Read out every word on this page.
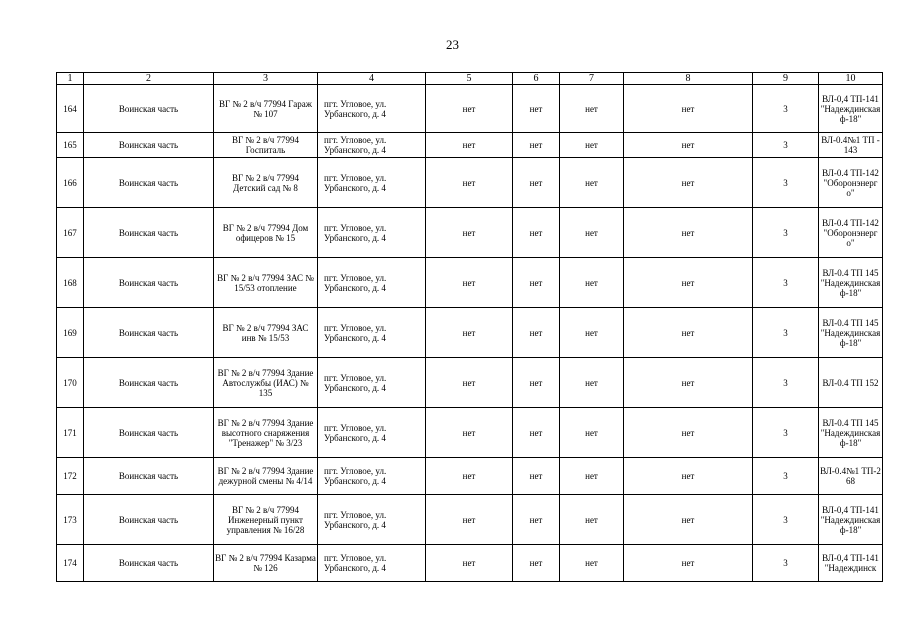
23
1	2	3	4	5	6	7	8	9	10
164	Воинская часть	ВГ № 2 в/ч 77994 Гараж № 107	пгт. Угловое, ул. Урбанского, д. 4	нет	нет	нет	нет	3	ВЛ-0,4 ТП-141 "Надеждинская ф-18"
165	Воинская часть	ВГ № 2 в/ч 77994 Госпиталь	пгт. Угловое, ул. Урбанского, д. 4	нет	нет	нет	нет	3	ВЛ-0.4№1 ТП - 143
166	Воинская часть	ВГ № 2 в/ч 77994 Детский сад № 8	пгт. Угловое, ул. Урбанского, д. 4	нет	нет	нет	нет	3	ВЛ-0.4 ТП-142 "Оборонэнерго"
167	Воинская часть	ВГ № 2 в/ч 77994 Дом офицеров № 15	пгт. Угловое, ул. Урбанского, д. 4	нет	нет	нет	нет	3	ВЛ-0.4 ТП-142 "Оборонэнерго"
168	Воинская часть	ВГ № 2 в/ч 77994 ЗАС № 15/53 отопление	пгт. Угловое, ул. Урбанского, д. 4	нет	нет	нет	нет	3	ВЛ-0.4 ТП 145 "Надеждинская ф-18"
169	Воинская часть	ВГ № 2 в/ч 77994 ЗАС инв № 15/53	пгт. Угловое, ул. Урбанского, д. 4	нет	нет	нет	нет	3	ВЛ-0.4 ТП 145 "Надеждинская ф-18"
170	Воинская часть	ВГ № 2 в/ч 77994 Здание Автослужбы (ИАС) № 135	пгт. Угловое, ул. Урбанского, д. 4	нет	нет	нет	нет	3	ВЛ-0.4 ТП 152
171	Воинская часть	ВГ № 2 в/ч 77994 Здание высотного снаряжения "Тренажер" № 3/23	пгт. Угловое, ул. Урбанского, д. 4	нет	нет	нет	нет	3	ВЛ-0.4 ТП 145 "Надеждинская ф-18"
172	Воинская часть	ВГ № 2 в/ч 77994 Здание дежурной смены № 4/14	пгт. Угловое, ул. Урбанского, д. 4	нет	нет	нет	нет	3	ВЛ-0.4№1 ТП-268
173	Воинская часть	ВГ № 2 в/ч 77994 Инженерный пункт управления № 16/28	пгт. Угловое, ул. Урбанского, д. 4	нет	нет	нет	нет	3	ВЛ-0,4 ТП-141 "Надеждинская ф-18"
174	Воинская часть	ВГ № 2 в/ч 77994 Казарма № 126	пгт. Угловое, ул. Урбанского, д. 4	нет	нет	нет	нет	3	ВЛ-0,4 ТП-141 "Надеждинск
